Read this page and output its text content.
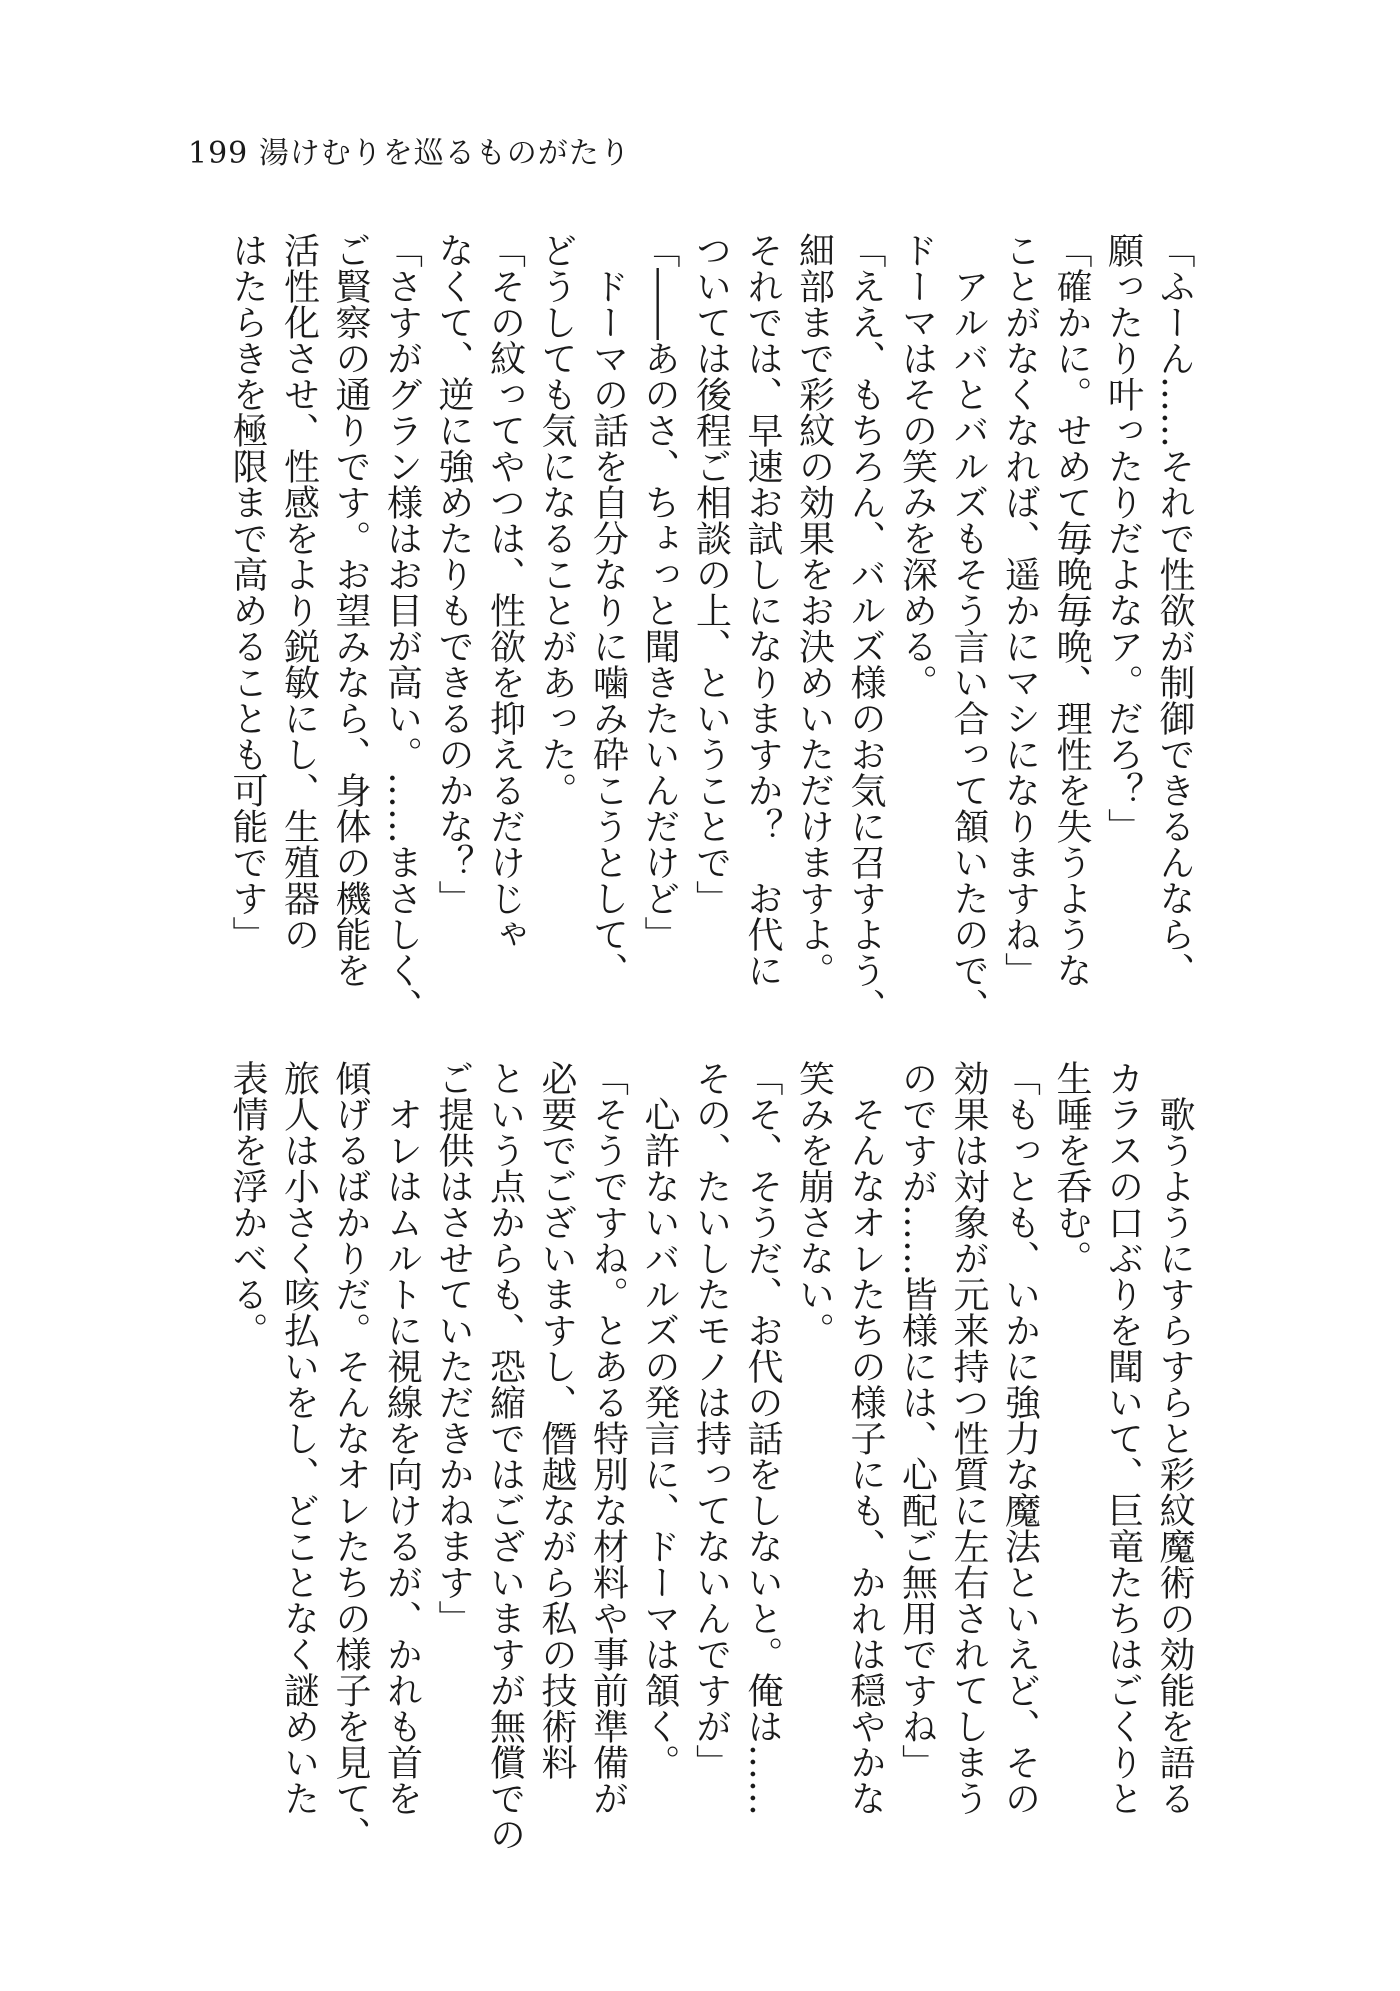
199 湯けむりを巡るものがたり
「ふーん……それで性欲が制御できるんなら、
願ったり叶ったりだよなア。だろ？」
「確かに。せめて毎晩毎晩、理性を失うような
ことがなくなれば、遥かにマシになりますね」
　アルバとバルズもそう言い合って頷いたので、
ドーマはその笑みを深める。
「ええ、もちろん、バルズ様のお気に召すよう、
細部まで彩紋の効果をお決めいただけますよ。
それでは、早速お試しになりますか？　お代に
ついては後程ご相談の上、ということで」
「――あのさ、ちょっと聞きたいんだけど」
　ドーマの話を自分なりに噛み砕こうとして、
どうしても気になることがあった。
「その紋ってやつは、性欲を抑えるだけじゃ
なくて、逆に強めたりもできるのかな？」
「さすがグラン様はお目が高い。……まさしく、
ご賢察の通りです。お望みなら、身体の機能を
活性化させ、性感をより鋭敏にし、生殖器の
はたらきを極限まで高めることも可能です」
　歌うようにすらすらと彩紋魔術の効能を語る
カラスの口ぶりを聞いて、巨竜たちはごくりと
生唾を呑む。
「もっとも、いかに強力な魔法といえど、その
効果は対象が元来持つ性質に左右されてしまう
のですが……皆様には、心配ご無用ですね」
　そんなオレたちの様子にも、かれは穏やかな
笑みを崩さない。
「そ、そうだ、お代の話をしないと。俺は……
その、たいしたモノは持ってないんですが」
　心許ないバルズの発言に、ドーマは頷く。
「そうですね。とある特別な材料や事前準備が
必要でございますし、僭越ながら私の技術料
という点からも、恐縮ではございますが無償での
ご提供はさせていただきかねます」
　オレはムルトに視線を向けるが、かれも首を
傾げるばかりだ。そんなオレたちの様子を見て、
旅人は小さく咳払いをし、どことなく謎めいた
表情を浮かべる。
